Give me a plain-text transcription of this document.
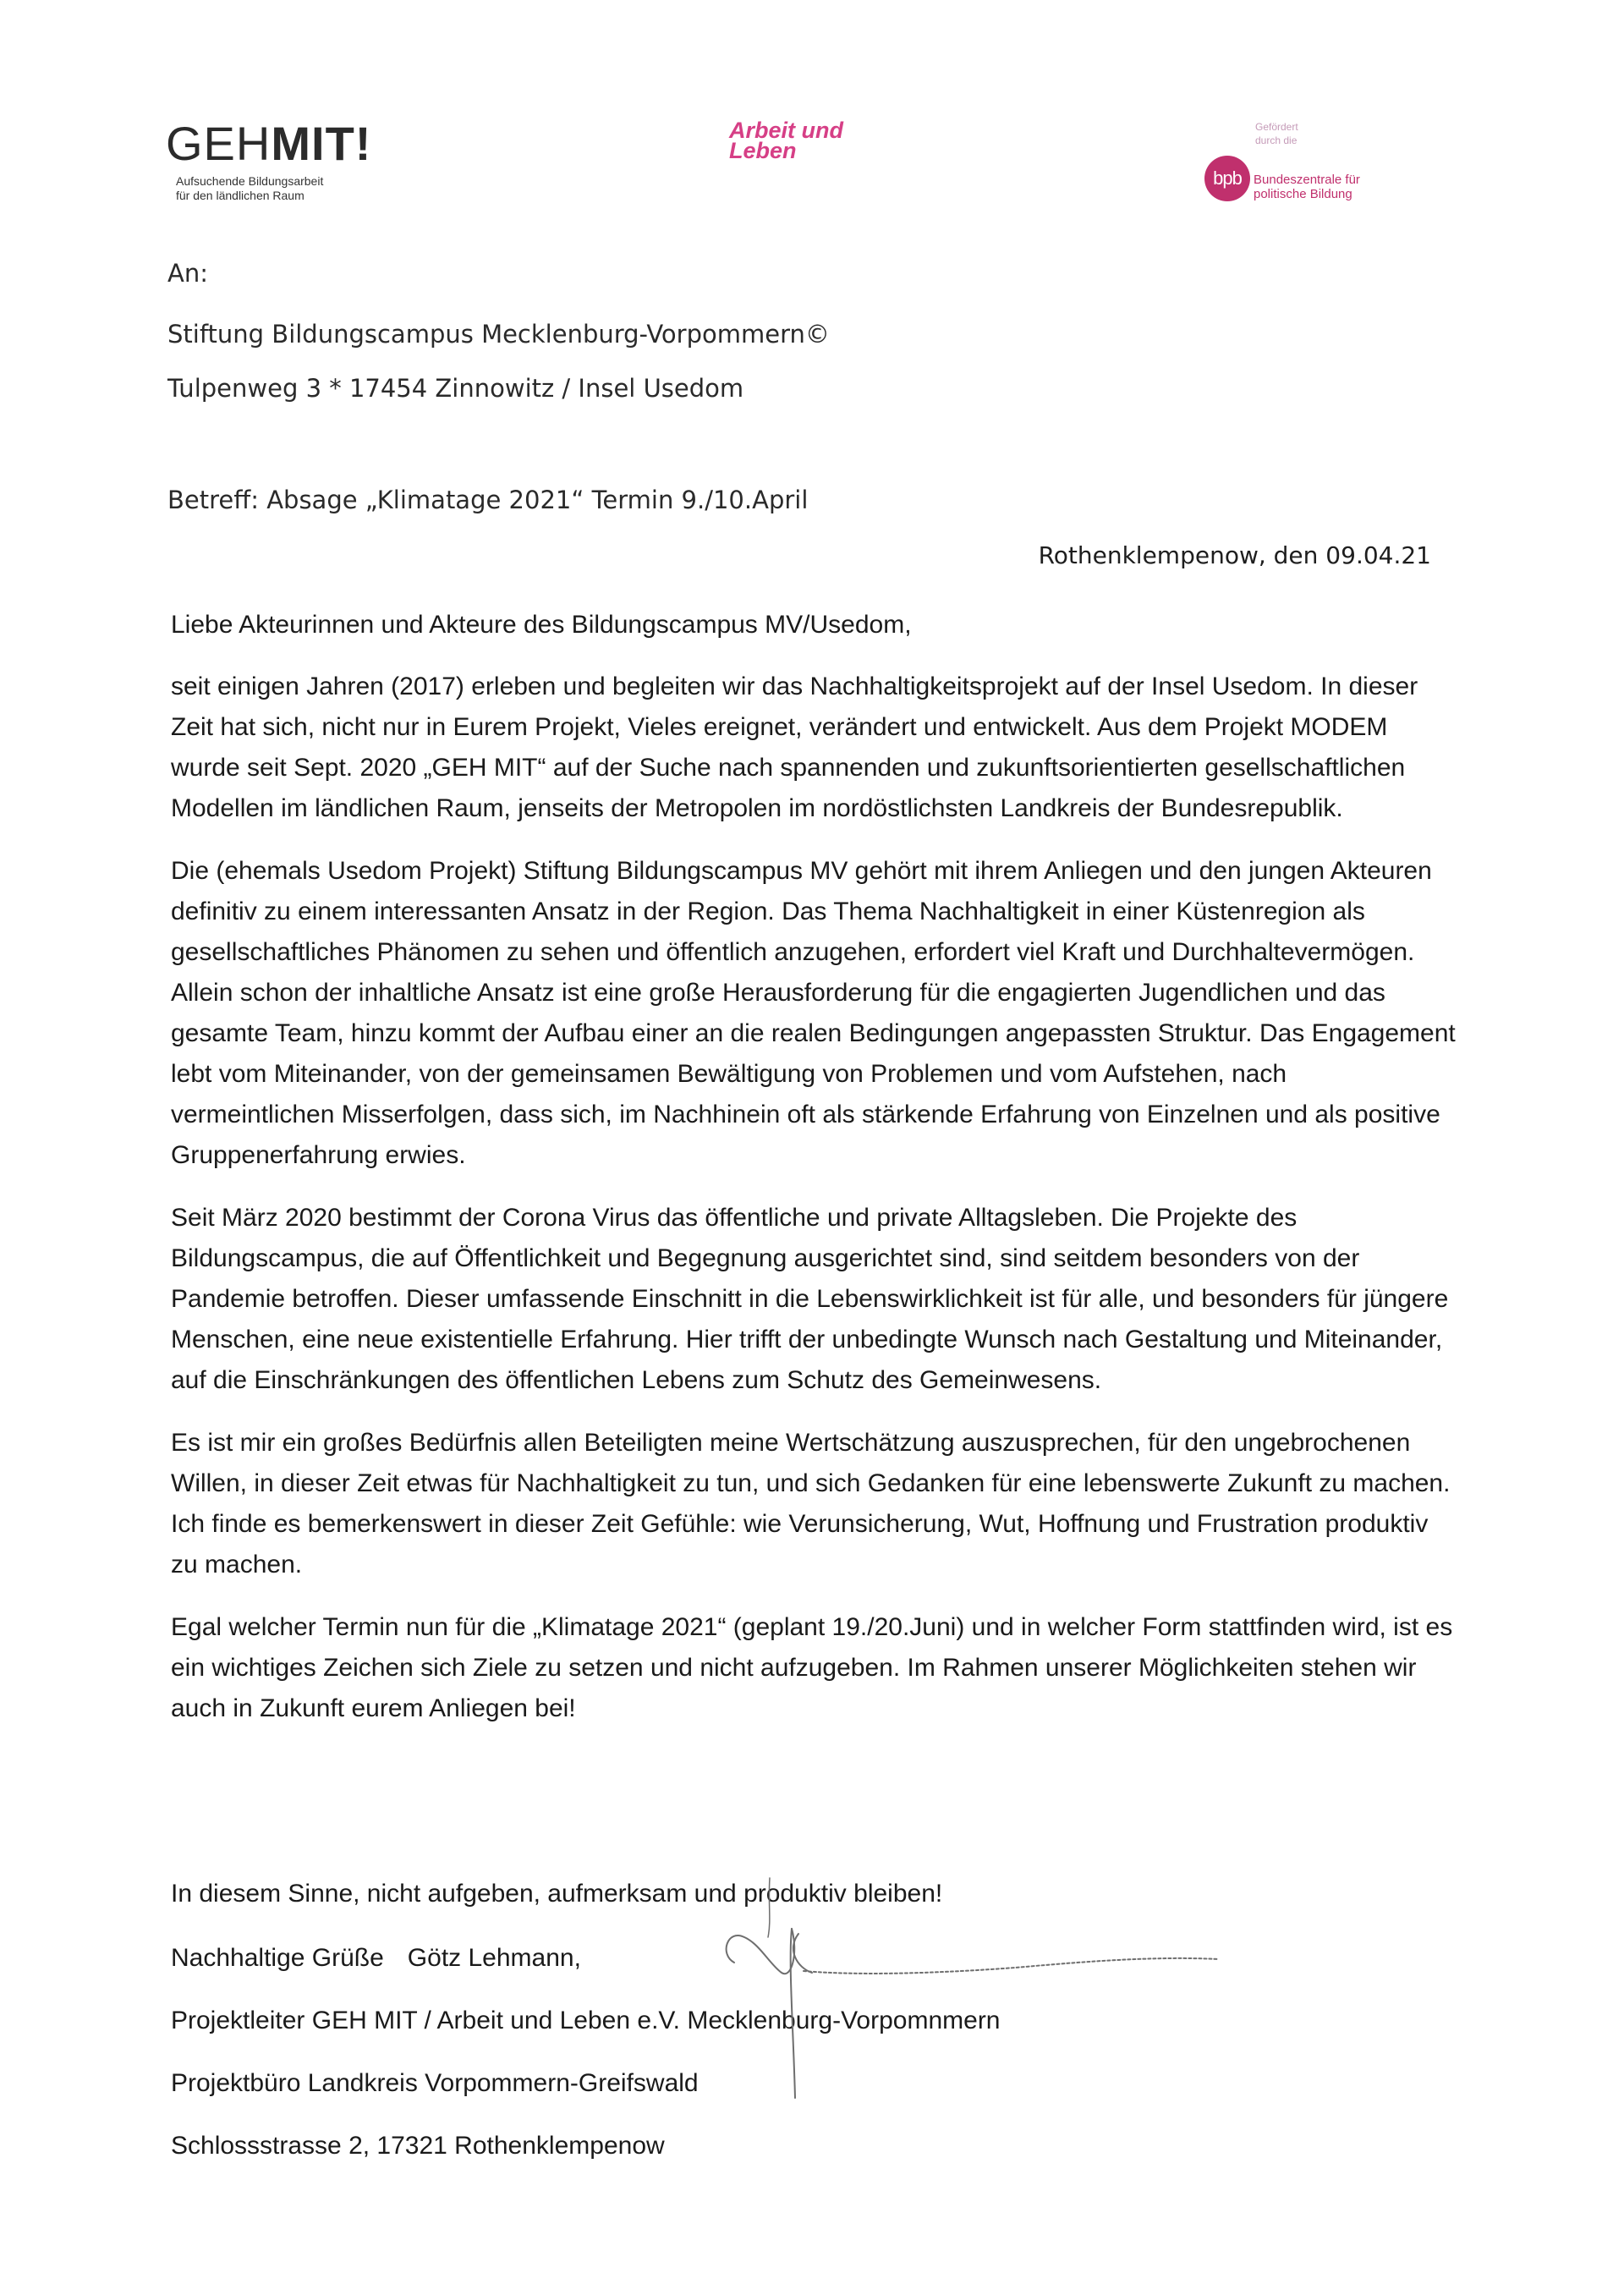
GEHMIT!
Aufsuchende Bildungsarbeit
für den ländlichen Raum
Arbeit und
Leben
Gefördert
durch die
bpb Bundeszentrale für
politische Bildung
An:
Stiftung Bildungscampus Mecklenburg-Vorpommern©
Tulpenweg 3 * 17454 Zinnowitz / Insel Usedom
Betreff: Absage „Klimatage 2021“ Termin 9./10.April
Rothenklempenow, den 09.04.21
Liebe Akteurinnen und Akteure des Bildungscampus MV/Usedom,

seit einigen Jahren (2017) erleben und begleiten wir das Nachhaltigkeitsprojekt auf der Insel Usedom. In dieser Zeit hat sich, nicht nur in Eurem Projekt, Vieles ereignet, verändert und entwickelt. Aus dem Projekt MODEM wurde seit Sept. 2020 „GEH MIT“ auf der Suche nach spannenden und zukunftsorientierten gesellschaftlichen Modellen im ländlichen Raum, jenseits der Metropolen im nordöstlichsten Landkreis der Bundesrepublik.

Die (ehemals Usedom Projekt) Stiftung Bildungscampus MV gehört mit ihrem Anliegen und den jungen Akteuren definitiv zu einem interessanten Ansatz in der Region. Das Thema Nachhaltigkeit in einer Küstenregion als gesellschaftliches Phänomen zu sehen und öffentlich anzugehen, erfordert viel Kraft und Durchhaltevermögen. Allein schon der inhaltliche Ansatz ist eine große Herausforderung für die engagierten Jugendlichen und das gesamte Team, hinzu kommt der Aufbau einer an die realen Bedingungen angepassten Struktur. Das Engagement lebt vom Miteinander, von der gemeinsamen Bewältigung von Problemen und vom Aufstehen, nach vermeintlichen Misserfolgen, dass sich, im Nachhinein oft als stärkende Erfahrung von Einzelnen und als positive Gruppenerfahrung erwies.

Seit März 2020 bestimmt der Corona Virus das öffentliche und private Alltagsleben. Die Projekte des Bildungscampus, die auf Öffentlichkeit und Begegnung ausgerichtet sind, sind seitdem besonders von der Pandemie betroffen. Dieser umfassende Einschnitt in die Lebenswirklichkeit ist für alle, und besonders für jüngere Menschen, eine neue existentielle Erfahrung. Hier trifft der unbedingte Wunsch nach Gestaltung und Miteinander, auf die Einschränkungen des öffentlichen Lebens zum Schutz des Gemeinwesens.

Es ist mir ein großes Bedürfnis allen Beteiligten meine Wertschätzung auszusprechen, für den ungebrochenen Willen, in dieser Zeit etwas für Nachhaltigkeit zu tun, und sich Gedanken für eine lebenswerte Zukunft zu machen. Ich finde es bemerkenswert in dieser Zeit Gefühle: wie Verunsicherung, Wut, Hoffnung und Frustration produktiv zu machen.

Egal welcher Termin nun für die „Klimatage 2021“ (geplant 19./20.Juni) und in welcher Form stattfinden wird, ist es ein wichtiges Zeichen sich Ziele zu setzen und nicht aufzugeben. Im Rahmen unserer Möglichkeiten stehen wir auch in Zukunft eurem Anliegen bei!

In diesem Sinne, nicht aufgeben, aufmerksam und produktiv bleiben!
Nachhaltige Grüße Götz Lehmann,
Projektleiter GEH MIT / Arbeit und Leben e.V. Mecklenburg-Vorpomnmern
Projektbüro Landkreis Vorpommern-Greifswald
Schlossstrasse 2, 17321 Rothenklempenow
